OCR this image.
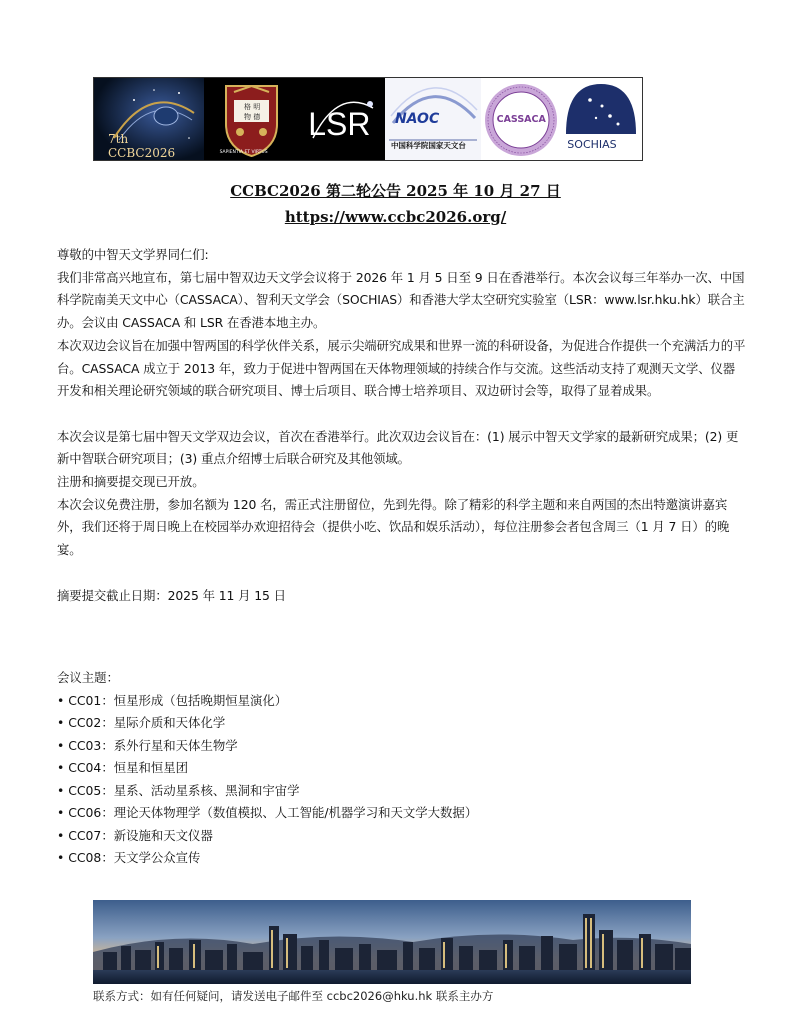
7th CCBC2026
格 明
物 德
SAPIENTIA ET VIRTUS
LSR NAOC
中国科学院国家天文台
CASSACA
SOCHIAS
CCBC2026 第二轮公告 2025 年 10 月 27 日
https://www.ccbc2026.org/

尊敬的中智天文学界同仁们:

我们非常高兴地宣布，第七届中智双边天文学会议将于 2026 年 1 月 5 日至 9 日在香港举行。本次会议每三年举办一次、中国科学院南美天文中心（CASSACA）、智利天文学会（SOCHIAS）和香港大学太空研究实验室（LSR：www.lsr.hku.hk）联合主办。会议由 CASSACA 和 LSR 在香港本地主办。

本次双边会议旨在加强中智两国的科学伙伴关系，展示尖端研究成果和世界一流的科研设备，为促进合作提供一个充满活力的平台。CASSACA 成立于 2013 年，致力于促进中智两国在天体物理领域的持续合作与交流。这些活动支持了观测天文学、仪器开发和相关理论研究领域的联合研究项目、博士后项目、联合博士培养项目、双边研讨会等，取得了显着成果。

本次会议是第七届中智天文学双边会议，首次在香港举行。此次双边会议旨在：(1) 展示中智天文学家的最新研究成果；(2) 更新中智联合研究项目；(3) 重点介绍博士后联合研究及其他领域。

注册和摘要提交现已开放。

本次会议免费注册，参加名额为 120 名，需正式注册留位，先到先得。除了精彩的科学主题和来自两国的杰出特邀演讲嘉宾外，我们还将于周日晚上在校园举办欢迎招待会（提供小吃、饮品和娱乐活动），每位注册参会者包含周三（1 月 7 日）的晚宴。

摘要提交截止日期：2025 年 11 月 15 日

会议主题：
• CC01：恒星形成（包括晚期恒星演化）
• CC02：星际介质和天体化学
• CC03：系外行星和天体生物学
• CC04：恒星和恒星团
• CC05：星系、活动星系核、黑洞和宇宙学
• CC06：理论天体物理学（数值模拟、人工智能/机器学习和天文学大数据）
• CC07：新设施和天文仪器
• CC08：天文学公众宣传
联系方式：如有任何疑问，请发送电子邮件至 ccbc2026@hku.hk 联系主办方
